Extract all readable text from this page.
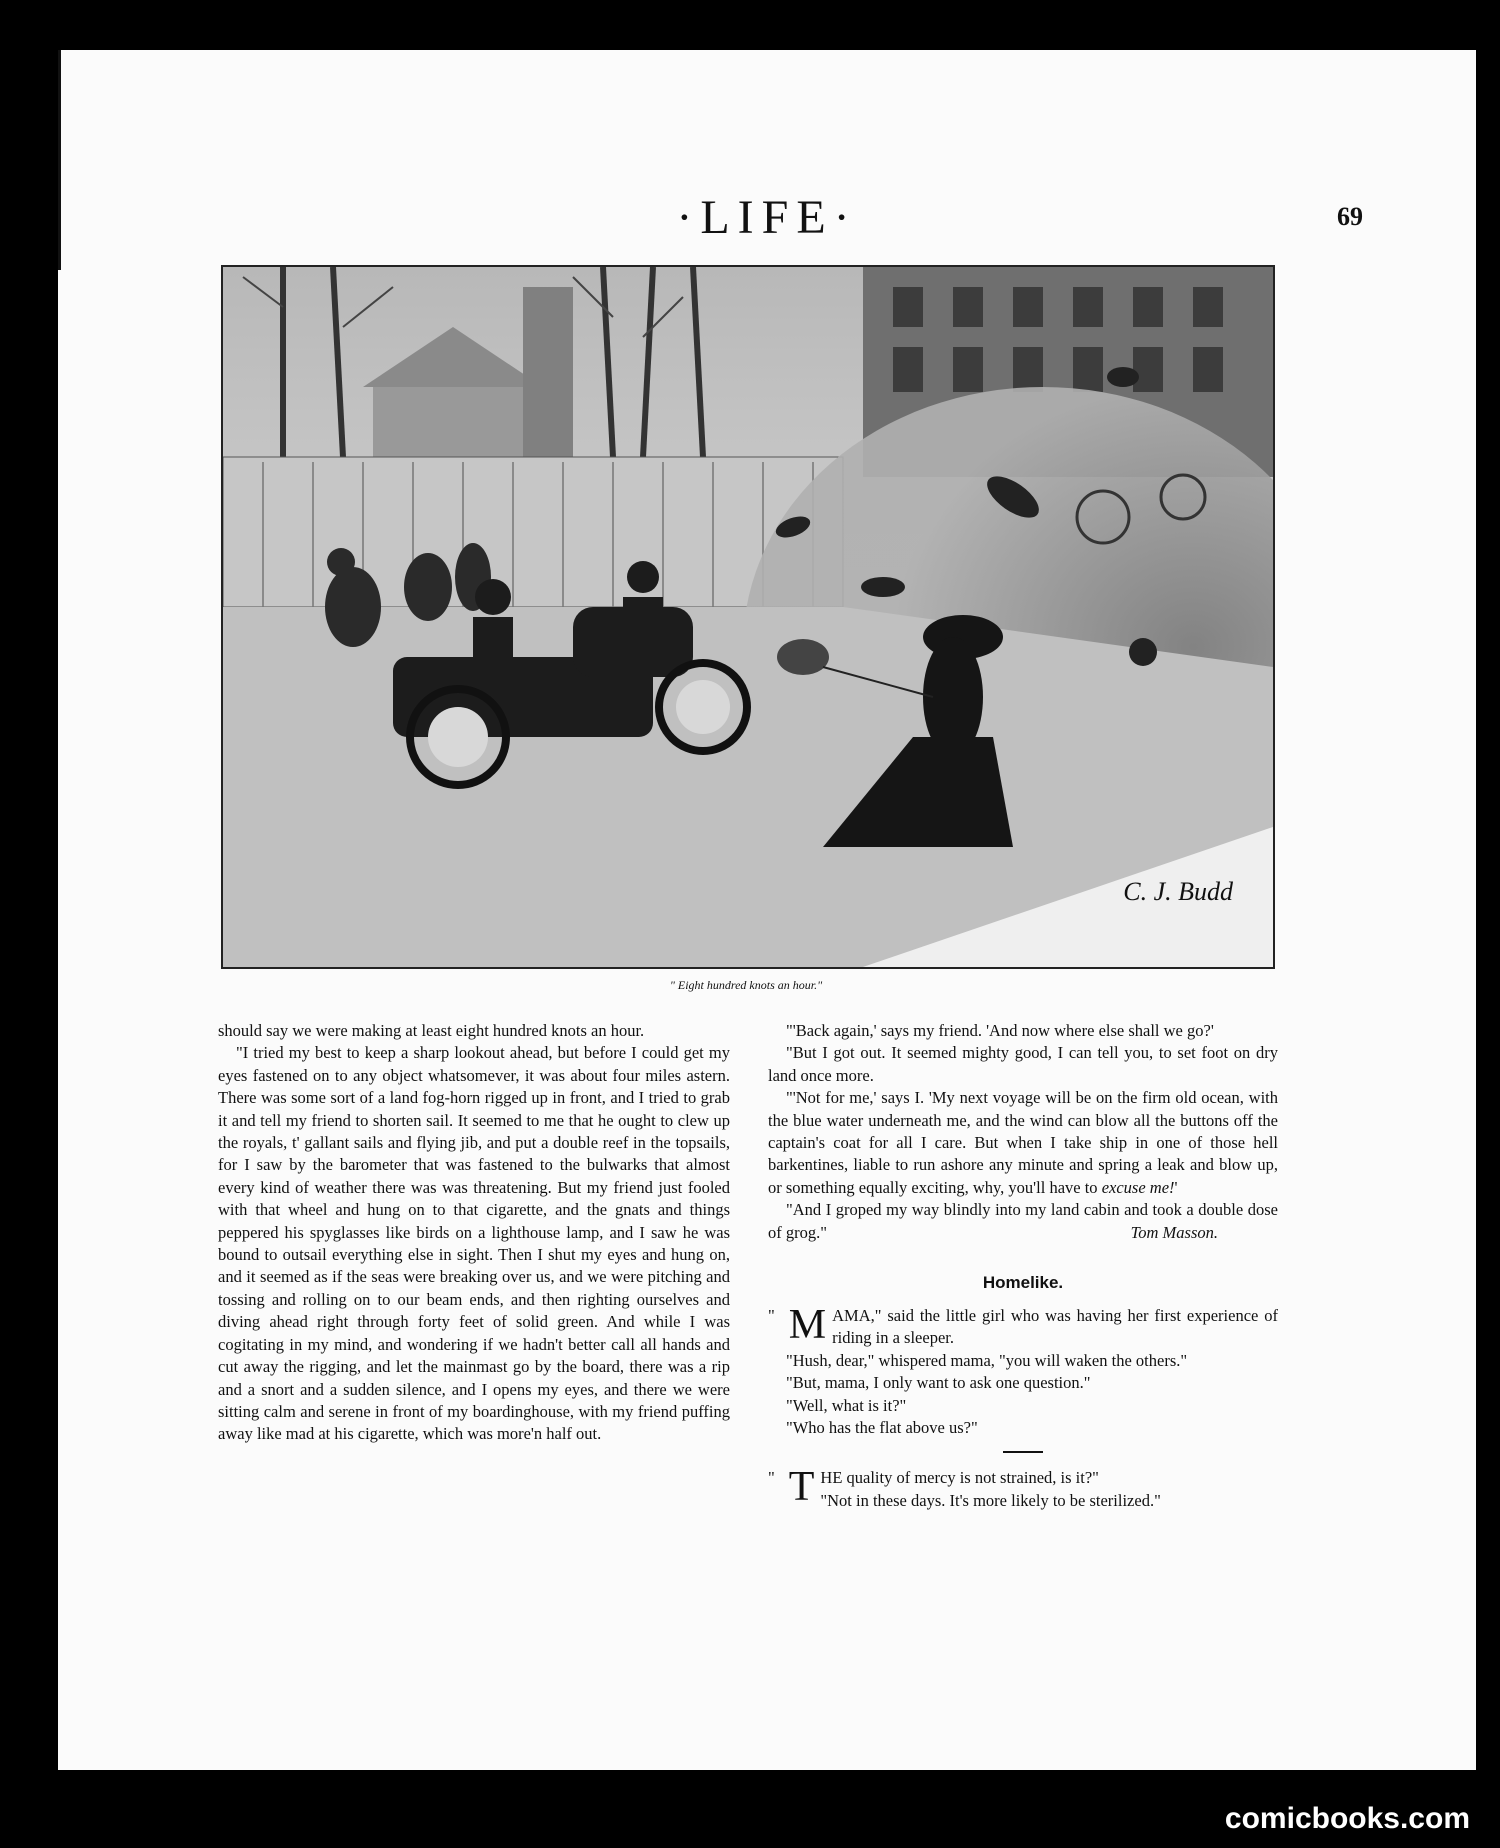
·LIFE·	69
C. J. Budd
" Eight hundred knots an hour."

should say we were making at least eight hundred knots an hour.

"I tried my best to keep a sharp lookout ahead, but before I could get my eyes fastened on to any object whatsomever, it was about four miles astern. There was some sort of a land fog-horn rigged up in front, and I tried to grab it and tell my friend to shorten sail. It seemed to me that he ought to clew up the royals, t' gallant sails and flying jib, and put a double reef in the topsails, for I saw by the barometer that was fastened to the bulwarks that almost every kind of weather there was was threatening. But my friend just fooled with that wheel and hung on to that cigarette, and the gnats and things peppered his spyglasses like birds on a lighthouse lamp, and I saw he was bound to outsail everything else in sight. Then I shut my eyes and hung on, and it seemed as if the seas were breaking over us, and we were pitching and tossing and rolling on to our beam ends, and then righting ourselves and diving ahead right through forty feet of solid green. And while I was cogitating in my mind, and wondering if we hadn't better call all hands and cut away the rigging, and let the mainmast go by the board, there was a rip and a snort and a sudden silence, and I opens my eyes, and there we were sitting calm and serene in front of my boardinghouse, with my friend puffing away like mad at his cigarette, which was more'n half out.

"'Back again,' says my friend. 'And now where else shall we go?'

"But I got out. It seemed mighty good, I can tell you, to set foot on dry land once more.

"'Not for me,' says I. 'My next voyage will be on the firm old ocean, with the blue water underneath me, and the wind can blow all the buttons off the captain's coat for all I care. But when I take ship in one of those hell barkentines, liable to run ashore any minute and spring a leak and blow up, or something equally exciting, why, you'll have to excuse me!'

"And I groped my way blindly into my land cabin and took a double dose of grog."	Tom Masson.
Homelike.

" M AMA," said the little girl who was having her first experience of riding in a sleeper.

"Hush, dear," whispered mama, "you will waken the others."

"But, mama, I only want to ask one question."

"Well, what is it?"

"Who has the flat above us?"

" T HE quality of mercy is not strained, is it?"

"Not in these days. It's more likely to be sterilized."

comicbooks.com
